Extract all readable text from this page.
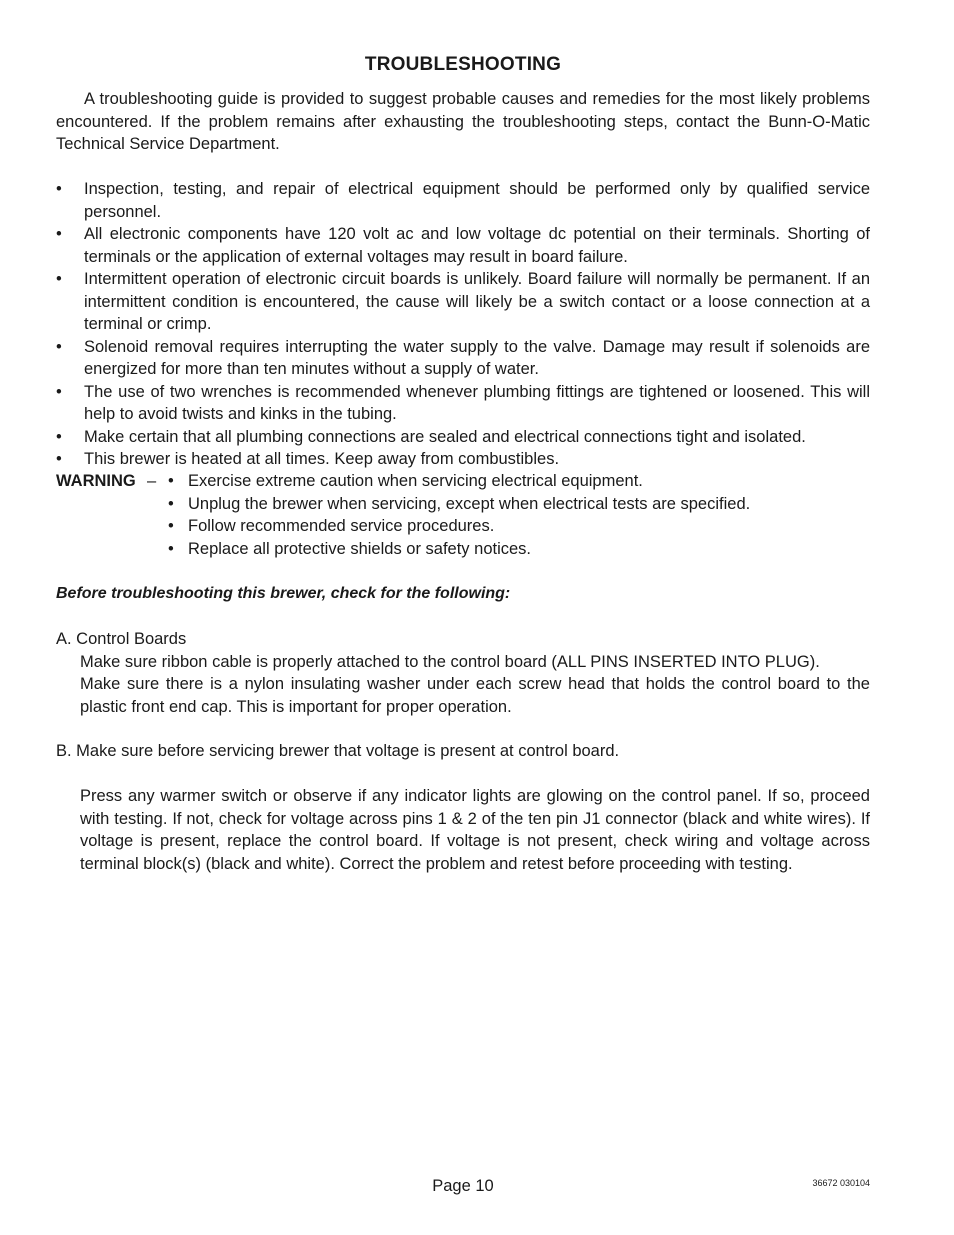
TROUBLESHOOTING

A troubleshooting guide is provided to suggest probable causes and remedies for the most likely problems encountered. If the problem remains after exhausting the troubleshooting steps, contact the Bunn-O-Matic Technical Service Department.

• Inspection, testing, and repair of electrical equipment should be performed only by qualified service personnel.
• All electronic components have 120 volt ac and low voltage dc potential on their terminals. Shorting of terminals or the application of external voltages may result in board failure.
• Intermittent operation of electronic circuit boards is unlikely. Board failure will normally be permanent. If an intermittent condition is encountered, the cause will likely be a switch contact or a loose connection at a terminal or crimp.
• Solenoid removal requires interrupting the water supply to the valve. Damage may result if solenoids are energized for more than ten minutes without a supply of water.
• The use of two wrenches is recommended whenever plumbing fittings are tightened or loosened. This will help to avoid twists and kinks in the tubing.
• Make certain that all plumbing connections are sealed and electrical connections tight and isolated.
• This brewer is heated at all times. Keep away from combustibles.
WARNING – • Exercise extreme caution when servicing electrical equipment.
• Unplug the brewer when servicing, except when electrical tests are specified.
• Follow recommended service procedures.
• Replace all protective shields or safety notices.

Before troubleshooting this brewer, check for the following:

A. Control Boards
Make sure ribbon cable is properly attached to the control board (ALL PINS INSERTED INTO PLUG).
Make sure there is a nylon insulating washer under each screw head that holds the control board to the plastic front end cap. This is important for proper operation.

B. Make sure before servicing brewer that voltage is present at control board.

Press any warmer switch or observe if any indicator lights are glowing on the control panel. If so, proceed with testing. If not, check for voltage across pins 1 & 2 of the ten pin J1 connector (black and white wires). If voltage is present, replace the control board. If voltage is not present, check wiring and voltage across terminal block(s) (black and white). Correct the problem and retest before proceeding with testing.

Page 10	36672 030104
